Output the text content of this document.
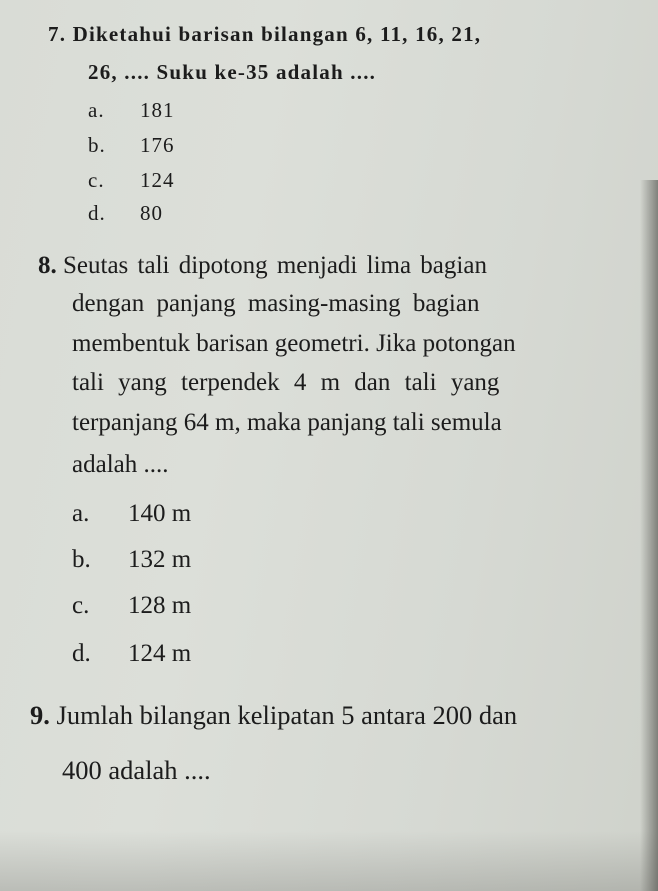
7. Diketahui barisan bilangan 6, 11, 16, 21,
26, .... Suku ke-35 adalah ....
a. 181
b. 176
c. 124
d. 80
8. Seutas tali dipotong menjadi lima bagian
dengan panjang masing-masing bagian
membentuk barisan geometri. Jika potongan
tali yang terpendek 4 m dan tali yang
terpanjang 64 m, maka panjang tali semula
adalah ....
a. 140 m
b. 132 m
c. 128 m
d. 124 m
9. Jumlah bilangan kelipatan 5 antara 200 dan
400 adalah ....
